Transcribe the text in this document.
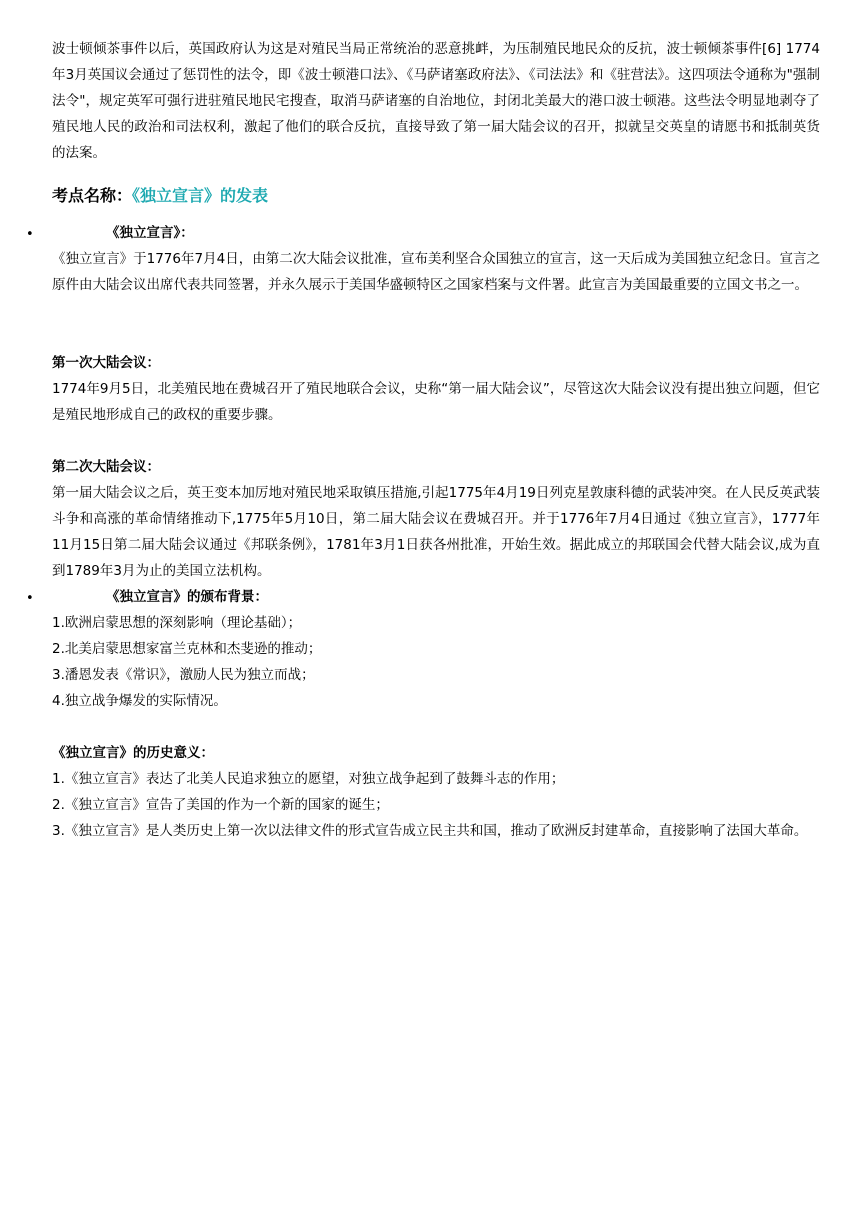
波士顿倾茶事件以后，英国政府认为这是对殖民当局正常统治的恶意挑衅，为压制殖民地民众的反抗，波士顿倾茶事件[6] 1774年3月英国议会通过了惩罚性的法令，即《波士顿港口法》、《马萨诸塞政府法》、《司法法》和《驻营法》。这四项法令通称为"强制法令"，规定英军可强行进驻殖民地民宅搜查，取消马萨诸塞的自治地位，封闭北美最大的港口波士顿港。这些法令明显地剥夺了殖民地人民的政治和司法权利，激起了他们的联合反抗，直接导致了第一届大陆会议的召开，拟就呈交英皇的请愿书和抵制英货的法案。

考点名称：《独立宣言》的发表
•	《独立宣言》：

《独立宣言》于1776年7月4日，由第二次大陆会议批准，宣布美利坚合众国独立的宣言，这一天后成为美国独立纪念日。宣言之原件由大陆会议出席代表共同签署，并永久展示于美国华盛顿特区之国家档案与文件署。此宣言为美国最重要的立国文书之一。

第一次大陆会议：

1774年9月5日，北美殖民地在费城召开了殖民地联合会议，史称“第一届大陆会议”，尽管这次大陆会议没有提出独立问题，但它是殖民地形成自己的政权的重要步骤。

第二次大陆会议：

第一届大陆会议之后，英王变本加厉地对殖民地采取镇压措施,引起1775年4月19日列克星敦康科德的武装冲突。在人民反英武装斗争和高涨的革命情绪推动下,1775年5月10日，第二届大陆会议在费城召开。并于1776年7月4日通过《独立宣言》，1777年11月15日第二届大陆会议通过《邦联条例》，1781年3月1日获各州批准，开始生效。据此成立的邦联国会代替大陆会议,成为直到1789年3月为止的美国立法机构。

•	《独立宣言》的颁布背景：

1.欧洲启蒙思想的深刻影响（理论基础）；

2.北美启蒙思想家富兰克林和杰斐逊的推动；

3.潘恩发表《常识》，激励人民为独立而战；

4.独立战争爆发的实际情况。

《独立宣言》的历史意义：

1.《独立宣言》表达了北美人民追求独立的愿望，对独立战争起到了鼓舞斗志的作用；

2.《独立宣言》宣告了美国的作为一个新的国家的诞生；

3.《独立宣言》是人类历史上第一次以法律文件的形式宣告成立民主共和国，推动了欧洲反封建革命，直接影响了法国大革命。
